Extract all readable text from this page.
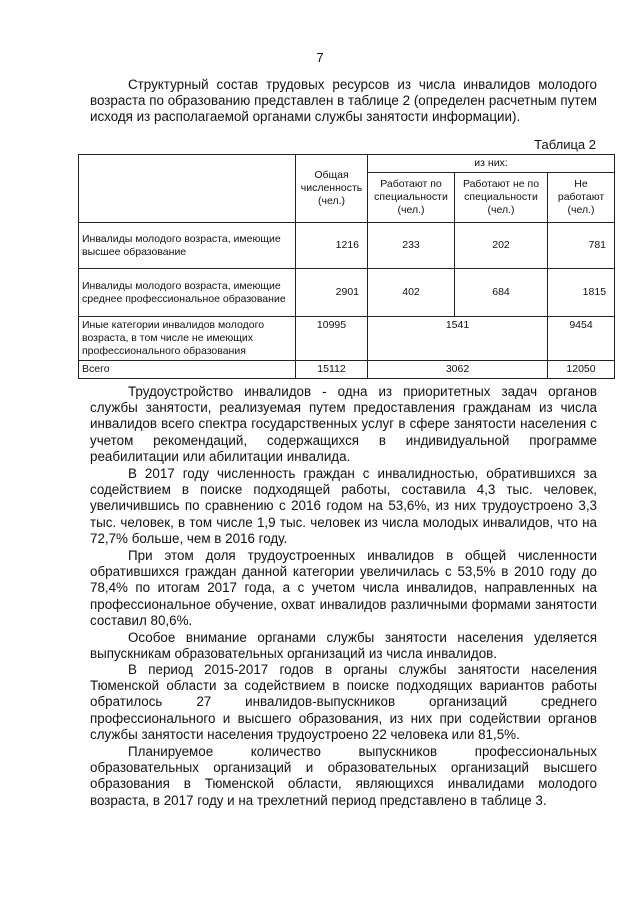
7

Структурный состав трудовых ресурсов из числа инвалидов молодого возраста по образованию представлен в таблице 2 (определен расчетным путем исходя из располагаемой органами службы занятости информации).

Таблица 2
	Общая численность (чел.)	из них:		
		Работают по специальности (чел.)	Работают не по специальности (чел.)	Не работают (чел.)
Инвалиды молодого возраста, имеющие высшее образование	1216	233	202	781
Инвалиды молодого возраста, имеющие среднее профессиональное образование	2901	402	684	1815
Иные категории инвалидов молодого возраста, в том числе не имеющих профессионального образования	10995	1541		9454
Всего	15112	3062		12050

Трудоустройство инвалидов - одна из приоритетных задач органов службы занятости, реализуемая путем предоставления гражданам из числа инвалидов всего спектра государственных услуг в сфере занятости населения с учетом рекомендаций, содержащихся в индивидуальной программе реабилитации или абилитации инвалида.

В 2017 году численность граждан с инвалидностью, обратившихся за содействием в поиске подходящей работы, составила 4,3 тыс. человек, увеличившись по сравнению с 2016 годом на 53,6%, из них трудоустроено 3,3 тыс. человек, в том числе 1,9 тыс. человек из числа молодых инвалидов, что на 72,7% больше, чем в 2016 году.

При этом доля трудоустроенных инвалидов в общей численности обратившихся граждан данной категории увеличилась с 53,5% в 2010 году до 78,4% по итогам 2017 года, а с учетом числа инвалидов, направленных на профессиональное обучение, охват инвалидов различными формами занятости составил 80,6%.

Особое внимание органами службы занятости населения уделяется выпускникам образовательных организаций из числа инвалидов.

В период 2015-2017 годов в органы службы занятости населения Тюменской области за содействием в поиске подходящих вариантов работы обратилось 27 инвалидов-выпускников организаций среднего профессионального и высшего образования, из них при содействии органов службы занятости населения трудоустроено 22 человека или 81,5%.

Планируемое количество выпускников профессиональных образовательных организаций и образовательных организаций высшего образования в Тюменской области, являющихся инвалидами молодого возраста, в 2017 году и на трехлетний период представлено в таблице 3.
